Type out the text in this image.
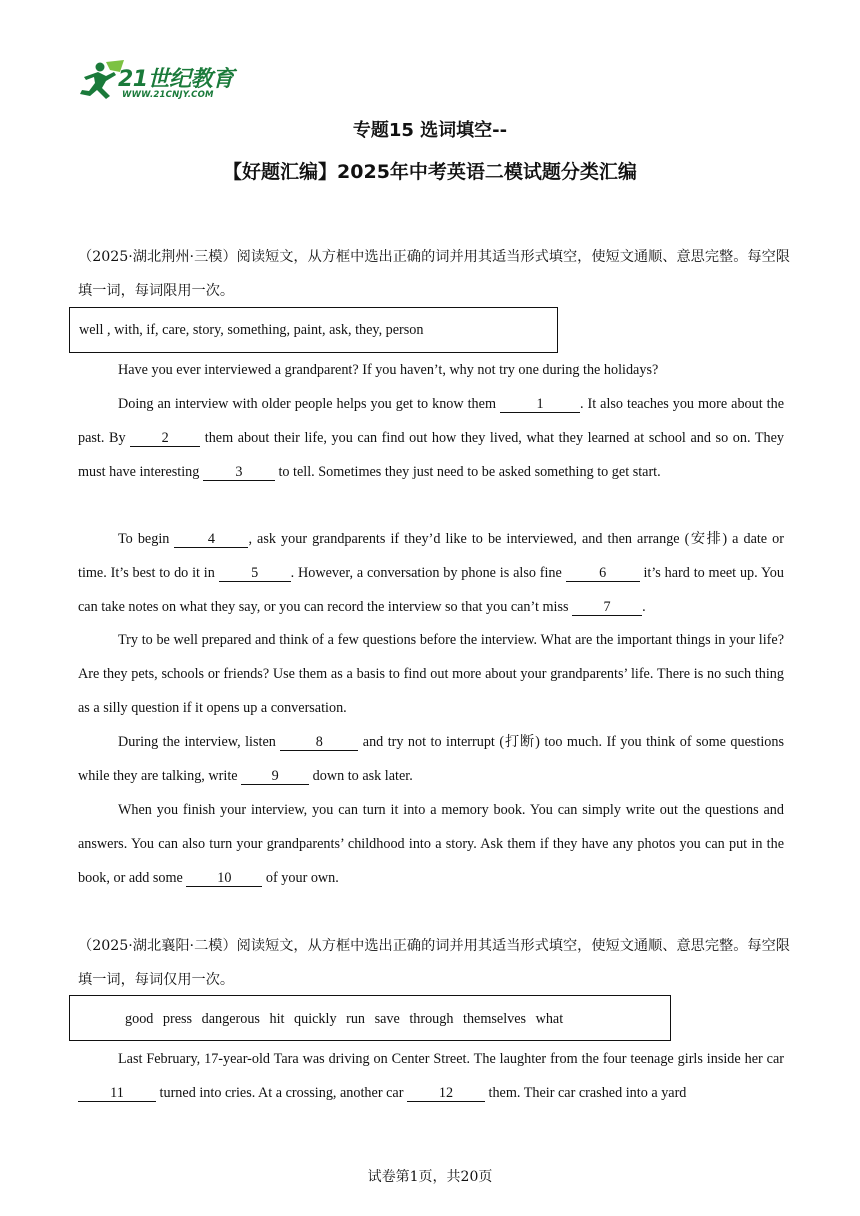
21世纪教育
WWW.21CNJY.COM
专题15 选词填空--
【好题汇编】2025年中考英语二模试题分类汇编

（2025·湖北荆州·三模）阅读短文，从方框中选出正确的词并用其适当形式填空，使短文通顺、意思完整。每空限填一词，每词限用一次。

well , with, if, care, story, something, paint, ask, they, person

Have you ever interviewed a grandparent? If you haven’t, why not try one during the holidays?

Doing an interview with older people helps you get to know them	1	. It also teaches you more about the past. By 2 them about their life, you can find out how they lived, what they learned at school and so on. They must have interesting 3 to tell. Sometimes they just need to be asked something to get start.

To begin 4 , ask your grandparents if they’d like to be interviewed, and then arrange (安排) a date or time. It’s best to do it in 5 . However, a conversation by phone is also fine 6 it’s hard to meet up. You can take notes on what they say, or you can record the interview so that you can’t miss 7 .

Try to be well prepared and think of a few questions before the interview. What are the important things in your life? Are they pets, schools or friends? Use them as a basis to find out more about your grandparents’ life. There is no such thing as a silly question if it opens up a conversation.

During the interview, listen 8 and try not to interrupt (打断) too much. If you think of some questions while they are talking, write 9 down to ask later.

When you finish your interview, you can turn it into a memory book. You can simply write out the questions and answers. You can also turn your grandparents’ childhood into a story. Ask them if they have any photos you can put in the book, or add some 10 of your own.

（2025·湖北襄阳·二模）阅读短文，从方框中选出正确的词并用其适当形式填空，使短文通顺、意思完整。每空限填一词，每词仅用一次。

good press dangerous hit quickly run save through themselves what

Last February, 17-year-old Tara was driving on Center Street. The laughter from the four teenage girls inside her car 11 turned into cries. At a crossing, another car 12 them. Their car crashed into a yard

试卷第1页，共20页
